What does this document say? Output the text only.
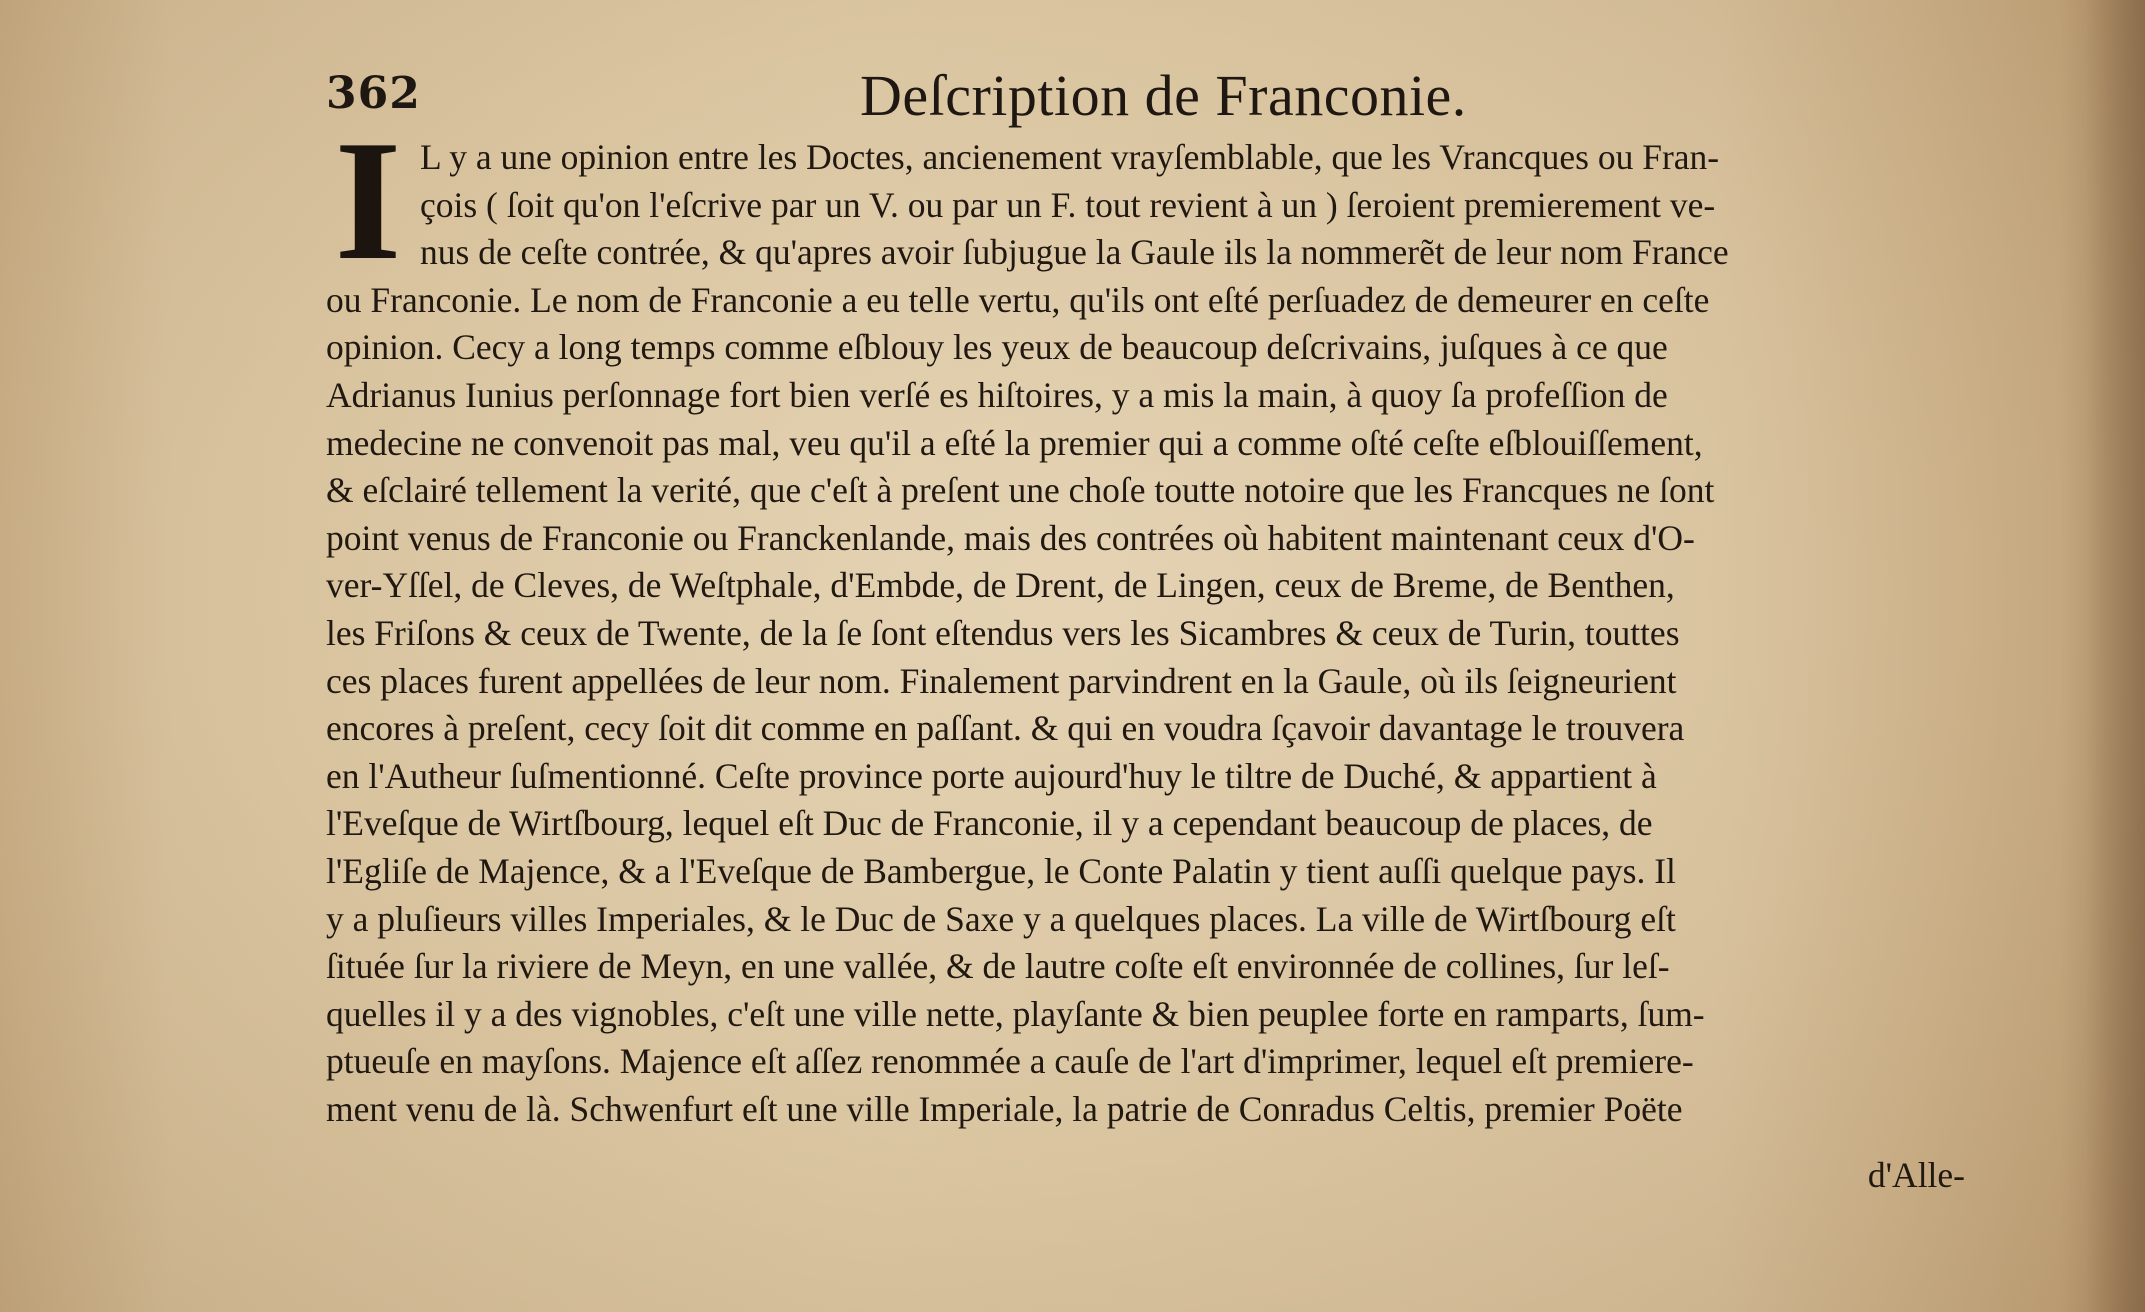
362	Deſcription de Franconie.
I L y a une opinion entre les Doctes, ancienement vrayſemblable, que les Vrancques ou Fran-
çois ( ſoit qu'on l'eſcrive par un V. ou par un F. tout revient à un ) ſeroient premierement ve-
nus de ceſte contrée, & qu'apres avoir ſubjugue la Gaule ils la nommerẽt de leur nom France
ou Franconie. Le nom de Franconie a eu telle vertu, qu'ils ont eſté perſuadez de demeurer en ceſte
opinion. Cecy a long temps comme eſblouy les yeux de beaucoup deſcrivains, juſques à ce que
Adrianus Iunius perſonnage fort bien verſé es hiſtoires, y a mis la main, à quoy ſa profeſſion de
medecine ne convenoit pas mal, veu qu'il a eſté la premier qui a comme oſté ceſte eſblouiſſement,
& eſclairé tellement la verité, que c'eſt à preſent une choſe toutte notoire que les Francques ne ſont
point venus de Franconie ou Franckenlande, mais des contrées où habitent maintenant ceux d'O-
ver-Yſſel, de Cleves, de Weſtphale, d'Embde, de Drent, de Lingen, ceux de Breme, de Benthen,
les Friſons & ceux de Twente, de la ſe ſont eſtendus vers les Sicambres & ceux de Turin, touttes
ces places furent appellées de leur nom. Finalement parvindrent en la Gaule, où ils ſeigneurient
encores à preſent, cecy ſoit dit comme en paſſant. & qui en voudra ſçavoir davantage le trouvera
en l'Autheur ſuſmentionné. Ceſte province porte aujourd'huy le tiltre de Duché, & appartient à
l'Eveſque de Wirtſbourg, lequel eſt Duc de Franconie, il y a cependant beaucoup de places, de
l'Egliſe de Majence, & a l'Eveſque de Bambergue, le Conte Palatin y tient auſſi quelque pays. Il
y a pluſieurs villes Imperiales, & le Duc de Saxe y a quelques places. La ville de Wirtſbourg eſt
ſituée ſur la riviere de Meyn, en une vallée, & de lautre coſte eſt environnée de collines, ſur leſ-
quelles il y a des vignobles, c'eſt une ville nette, playſante & bien peuplee forte en ramparts, ſum-
ptueuſe en mayſons. Majence eſt aſſez renommée a cauſe de l'art d'imprimer, lequel eſt premiere-
ment venu de là. Schwenfurt eſt une ville Imperiale, la patrie de Conradus Celtis, premier Poëte
d'Alle-
